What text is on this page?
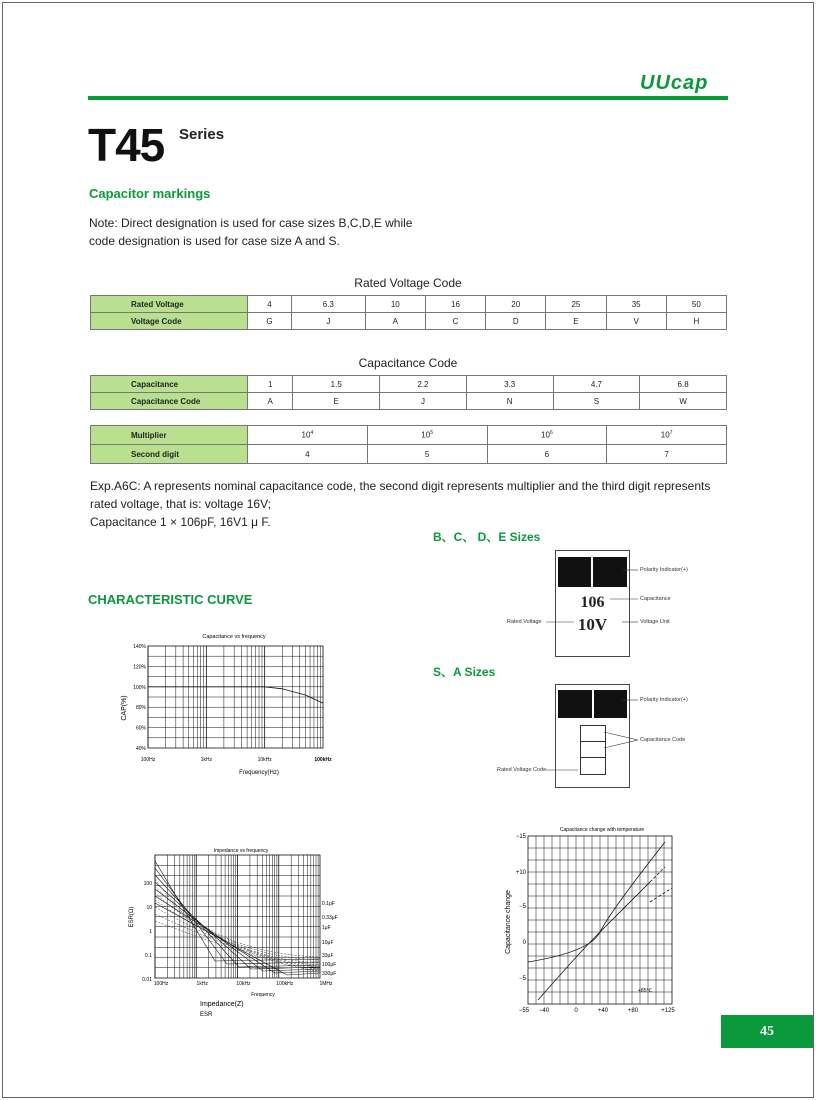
UUcap
T45 Series
Capacitor markings
Note: Direct designation is used for case sizes B,C,D,E while
code designation is used for case size A and S.
Rated Voltage Code
Rated Voltage	4	6.3	10	16	20	25	35	50
Voltage Code	G	J	A	C	D	E	V	H
Capacitance Code
Capacitance	1	1.5	2.2	3.3	4.7	6.8
Capacitance Code	A	E	J	N	S	W
Multiplier	$10^4$	$10^5$	$10^6$	$10^7$
Second digit	4	5	6	7
Exp.A6C: A represents nominal capacitance code, the second digit represents multiplier and the third digit represents
rated voltage, that is: voltage 16V;
Capacitance 1 × 106pF, 16V1 μ F.
B、C、 D、E Sizes
106
10V
Polarity Indicator(+)
Capacitance
Voltage Unit
Rated Voltage
S、A Sizes
Polarity Indicator(+)
Capacitance Code
Rated Voltage Code
CHARACTERISTIC CURVE
Capacitance vs frequency
CAP(%)
140%
120%
100%
80%
60%
40%
100Hz	1kHz	10kHz	100kHz
Frequency(Hz)
Impedance vs frequency
ESR(Ω)
100
10
1
0.1
0.01
100Hz	1kHz	10kHz	100kHz	1MHz
0.1μF
0.33μF
1μF
10μF
33μF
100μF
330μF
Frequency
Impedance(Z)
ESR
Capacitance change with temperature
Capacitance change
−15
+10
−5
0
−5
−55 −40	0	+40	+80	+125
+85℃
45
